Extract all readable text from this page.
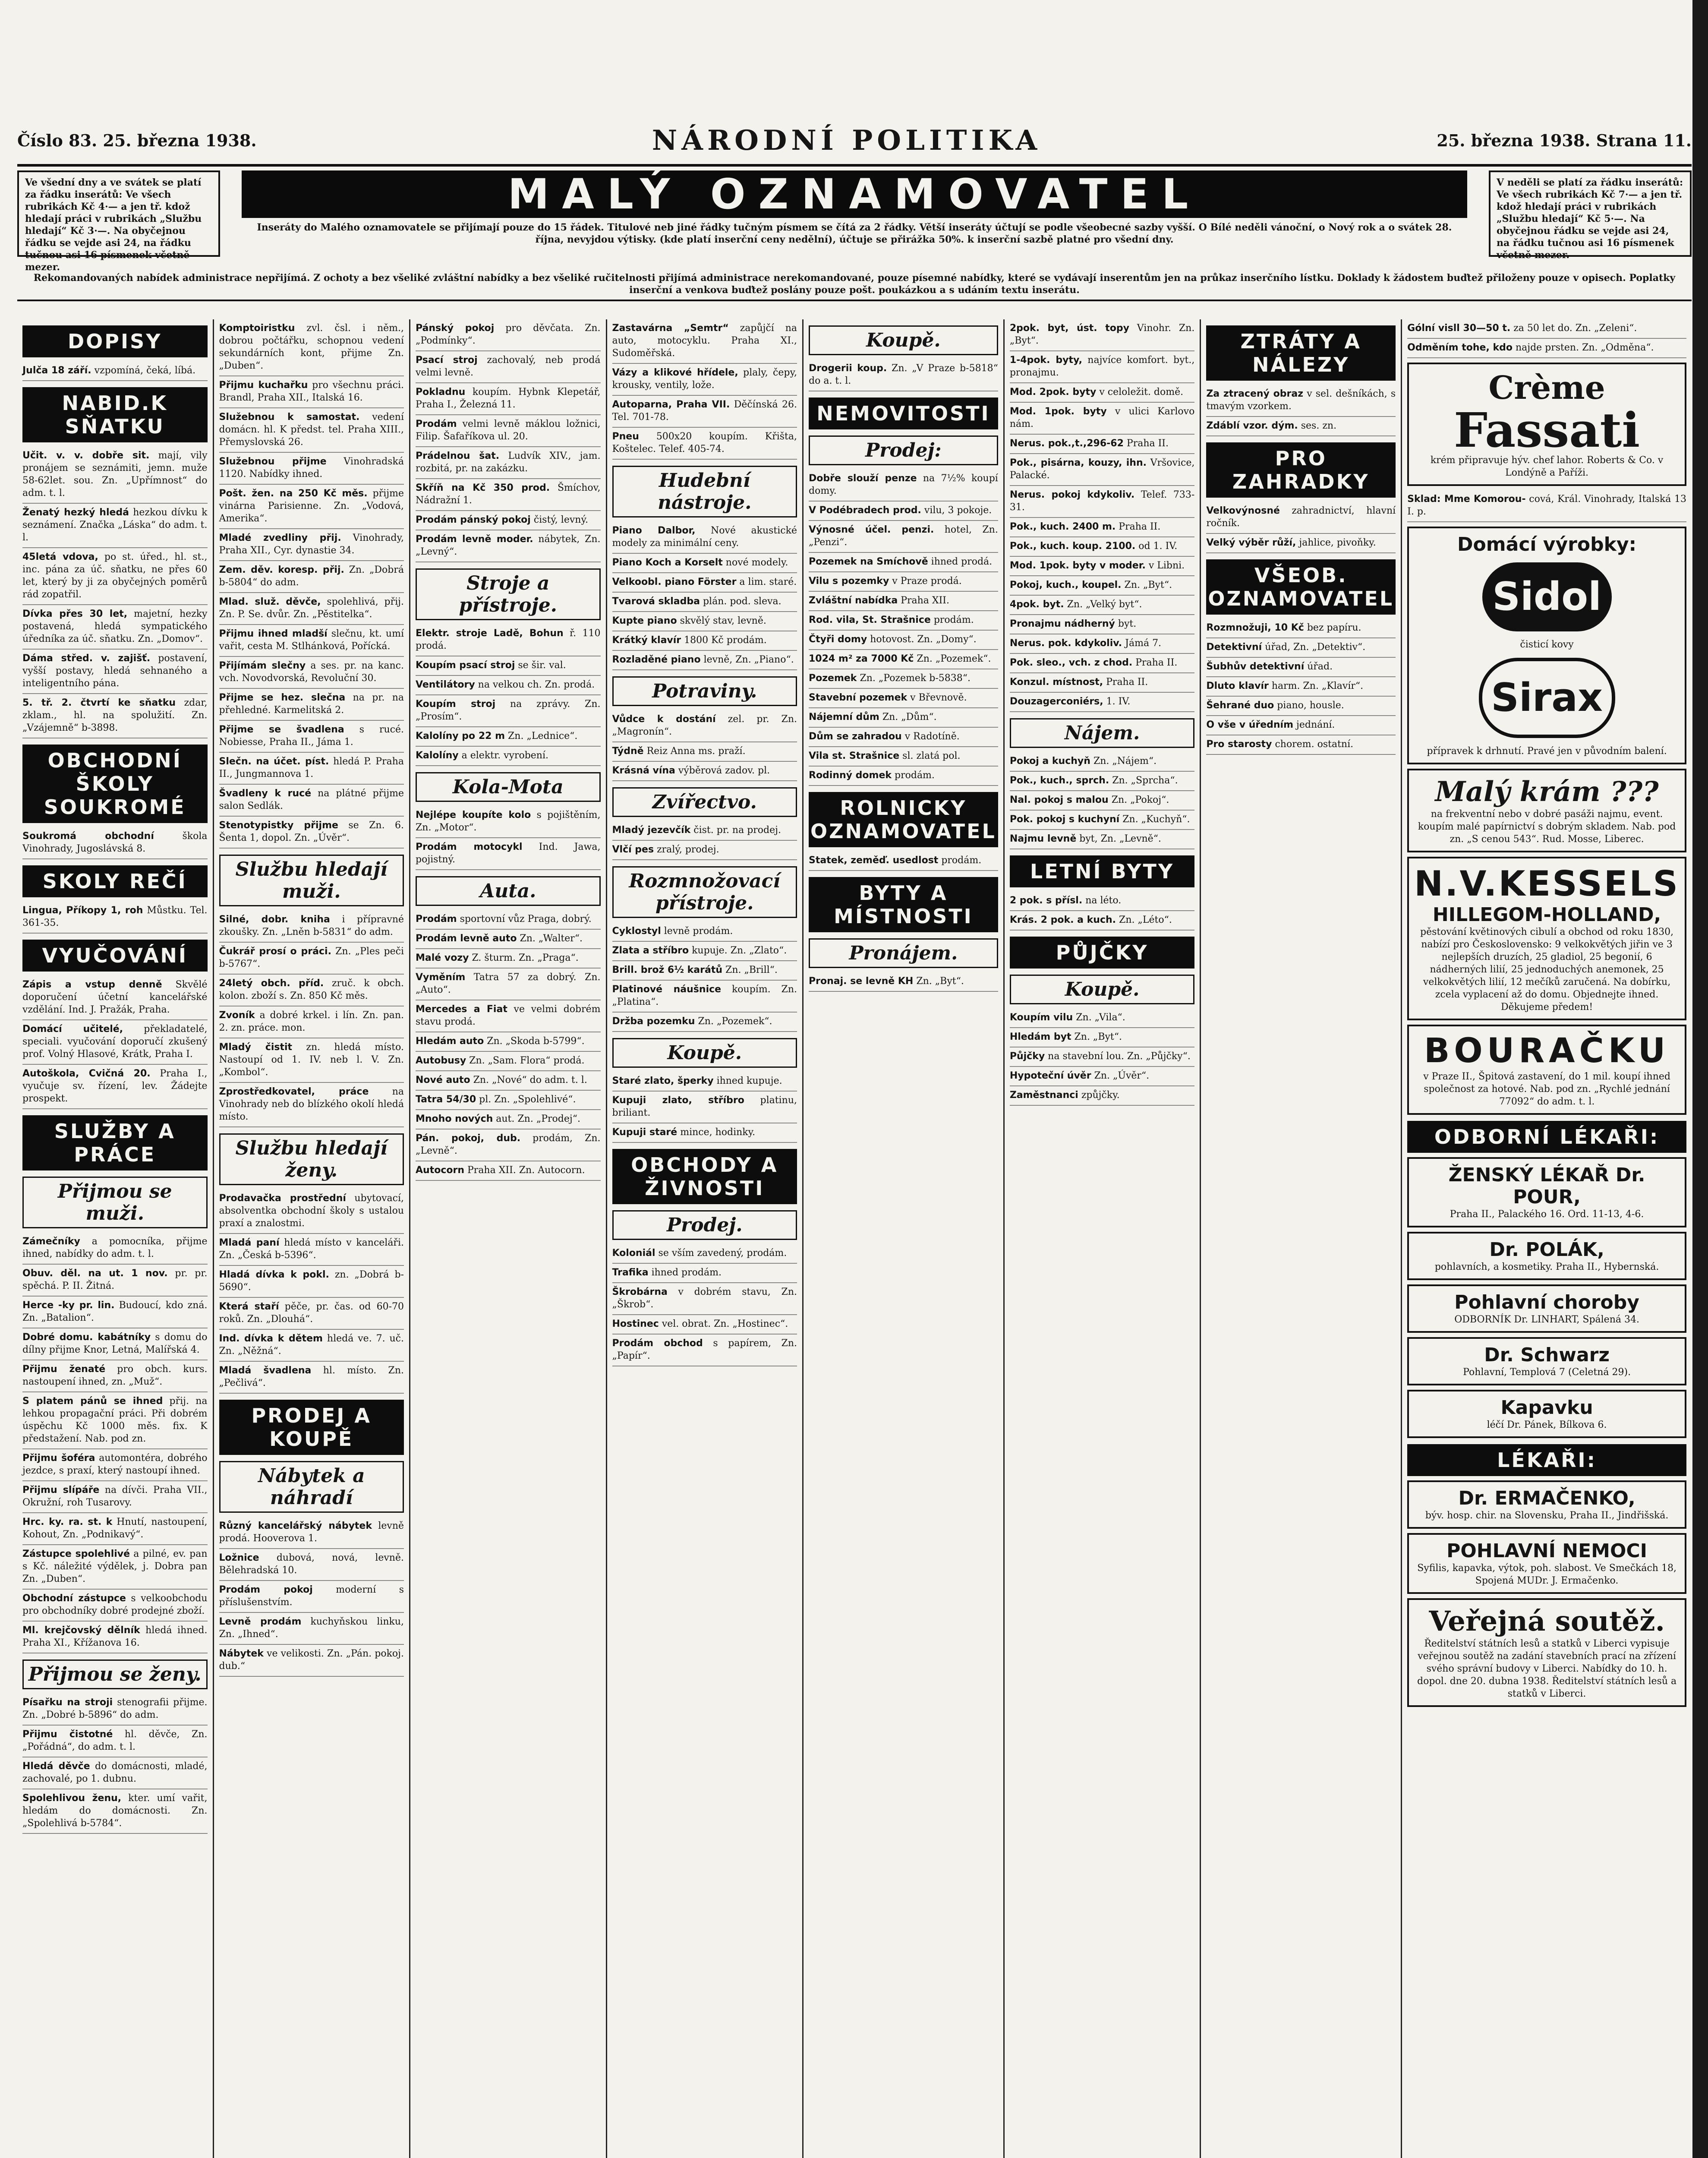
Číslo 83. 25. března 1938.	NÁRODNÍ POLITIKA	25. března 1938. Strana 11.
Ve všední dny a ve svátek se platí za řádku inserátů: Ve všech rubrikách Kč 4·— a jen tř. kdož hledají práci v rubrikách „Službu hledají“ Kč 3·—. Na obyčejnou řádku se vejde asi 24, na řádku tučnou asi 16 písmenek včetně mezer.
MALÝ OZNAMOVATEL
Inseráty do Malého oznamovatele se přijímají pouze do 15 řádek. Titulové neb jiné řádky tučným písmem se čítá za 2 řádky. Větší inseráty účtují se podle všeobecné sazby vyšší. O Bílé neděli vánoční, o Nový rok a o svátek 28. října, nevyjdou výtisky. (kde platí inserční ceny nedělní), účtuje se přirážka 50%. k inserční sazbě platné pro všední dny.
V neděli se platí za řádku inserátů: Ve všech rubrikách Kč 7·— a jen tř. kdož hledají práci v rubrikách „Službu hledají“ Kč 5·—. Na obyčejnou řádku se vejde asi 24, na řádku tučnou asi 16 písmenek včetně mezer.
Rekomandovaných nabídek administrace nepřijímá. Z ochoty a bez všeliké zvláštní nabídky a bez všeliké ručitelnosti přijímá administrace nerekomandované, pouze písemné nabídky, které se vydávají inserentům jen na průkaz inserčního lístku. Doklady k žádostem buďtež přiloženy pouze v opisech. Poplatky inserční a venkova buďtež poslány pouze pošt. poukázkou a s udáním textu inserátu.
DOPISY
Julča 18 září. vzpomíná, čeká, líbá.
NABID.K SŇATKU
Učit. v. v. dobře sit. mají, vily pronájem se seznámiti, jemn. muže 58-62let. sou. Zn. „Upřímnost“ do adm. t. l.
Ženatý hezký hledá hezkou dívku k seznámení. Značka „Láska“ do adm. t. l.
45letá vdova, po st. úřed., hl. st., inc. pána za úč. sňatku, ne přes 60 let, který by ji za obyčejných poměrů rád zopatřil.
Dívka přes 30 let, majetní, hezky postavená, hledá sympatického úředníka za úč. sňatku. Zn. „Domov“.
Dáma střed. v. zajišť. postavení, vyšší postavy, hledá sehnaného a inteligentního pána.
5. tř. 2. čtvrtí ke sňatku zdar, zklam., hl. na spolužití. Zn. „Vzájemně“ b-3898.
OBCHODNÍ ŠKOLY SOUKROMÉ
Soukromá obchodní	škola Vinohrady, Jugoslávská 8.
SKOLY REČÍ
Lingua, Příkopy 1, roh Můstku. Tel. 361-35.
VYUČOVÁNÍ
Zápis a vstup denně Skvělé doporučení účetní kancelářské vzdělání. Ind. J. Pražák, Praha.
Domácí učitelé, překladatelé, speciali. vyučování doporučí zkušený prof. Volný Hlasové, Krátk, Praha I.
Autoškola, Cvičná 20. Praha I., vyučuje sv. řízení, lev. Žádejte prospekt.
SLUŽBY A PRÁCE
Přijmou se muži.
Zámečníky a pomocníka, přijme ihned, nabídky do adm. t. l.
Obuv. děl. na ut. 1 nov. pr. pr. spěchá. P. II. Žitná.
Herce -ky pr. lin. Budoucí, kdo zná. Zn. „Batalion“.
Dobré domu. kabátníky s domu do dílny přijme Knor, Letná, Malířská 4.
Přijmu ženaté pro obch. kurs. nastoupení ihned, zn. „Muž“.
S platem pánů se ihned přij. na lehkou propagační práci. Při dobrém úspěchu Kč 1000 měs. fix. K předstažení. Nab. pod zn.
Přijmu šoféra automontéra, dobrého jezdce, s praxí, který nastoupí ihned.
Přijmu slípáře na dívči. Praha VII., Okružní, roh Tusarovy.
Hrc. ky. ra. st. k Hnutí, nastoupení, Kohout, Zn. „Podnikavý“.
Zástupce spolehlivé a pilné, ev. pan s Kč. náležité výdělek, j. Dobra pan Zn. „Duben“.
Obchodní zástupce s velkoobchodu pro obchodníky dobré prodejné zboží.
Ml. krejčovský dělník hledá ihned. Praha XI., Křížanova 16.
Přijmou se ženy.
Písařku na stroji stenografii přijme. Zn. „Dobré b-5896“ do adm.
Přijmu čistotné hl. děvče, Zn. „Pořádná“, do adm. t. l.
Hledá děvče do domácnosti, mladé, zachovalé, po 1. dubnu.
Spolehlivou ženu, kter. umí vařit, hledám do domácnosti. Zn. „Spolehlivá b-5784“.
Komptoiristku zvl. čsl. i něm., dobrou počtářku, schopnou vedení sekundárních kont, přijme Zn. „Duben“.
Přijmu kuchařku pro všechnu práci. Brandl, Praha XII., Italská 16.
Služebnou k samostat. vedení domácn. hl. K předst. tel. Praha XIII., Přemyslovská 26.
Služebnou přijme Vinohradská 1120. Nabídky ihned.
Pošt. žen. na 250 Kč měs. přijme vinárna Parisienne. Zn. „Vodová, Amerika“.
Mladé zvedliny přij. Vinohrady, Praha XII., Cyr. dynastie 34.
Zem. děv. koresp. přij. Zn. „Dobrá b-5804“ do adm.
Mlad. služ. děvče, spolehlivá, přij. Zn. P. Se. dvůr. Zn. „Pěstitelka“.
Přijmu ihned mladší slečnu, kt. umí vařit, cesta M. Stlhánková, Pořícká.
Přijímám slečny a ses. pr. na kanc. vch. Novodvorská, Revoluční 30.
Přijme se hez. slečna na pr. na přehledné. Karmelitská 2.
Přijme se švadlena s rucé. Nobiesse, Praha II., Jáma 1.
Slečn. na účet. píst. hledá P. Praha II., Jungmannova 1.
Švadleny k rucé na plátné přijme salon Sedlák.
Stenotypistky přijme se Zn. 6. Šenta 1, dopol. Zn. „Úvěr“.
Službu hledají muži.
Silné, dobr. kniha i přípravné zkoušky. Zn. „Lněn b-5831“ do adm.
Čukrář prosí o práci. Zn. „Ples peči b-5767“.
24letý obch. příd. zruč. k obch. kolon. zboží s. Zn. 850 Kč měs.
Zvoník a dobré krkel. i lín. Zn. pan. 2. zn. práce. mon.
Mladý čistit zn. hledá místo. Nastoupí od 1. IV. neb l. V. Zn. „Kombol“.
Zprostředkovatel, práce na Vinohrady neb do blízkého okolí hledá místo.
Službu hledají ženy.
Prodavačka prostřední ubytovací, absolventka obchodní školy s ustalou praxí a znalostmi.
Mladá paní hledá místo v kanceláři. Zn. „Česká b-5396“.
Hladá dívka k pokl. zn. „Dobrá b-5690“.
Která staří pěče, pr. čas. od 60-70 roků. Zn. „Dlouhá“.
Ind. dívka k dětem hledá ve. 7. uč. Zn. „Něžná“.
Mladá švadlena hl. místo. Zn. „Pečlivá“.
PRODEJ A KOUPĚ
Nábytek a náhradí
Různý kancelářský nábytek levně prodá. Hooverova 1.
Ložnice dubová, nová, levně. Bělehradská 10.
Prodám pokoj moderní s příslušenstvím.
Levně prodám kuchyňskou linku, Zn. „Ihned“.
Nábytek ve velikosti. Zn. „Pán. pokoj. dub.“
Pánský pokoj pro děvčata. Zn. „Podmínky“.
Psací stroj zachovalý, neb prodá velmi levně.
Pokladnu koupím. Hybnk Klepetář, Praha I., Železná 11.
Prodám velmi levně máklou ložnici, Filip. Šafaříkova ul. 20.
Prádelnou šat. Ludvík XIV., jam. rozbitá, pr. na zakázku.
Skříň na Kč 350 prod. Šmíchov, Nádražní 1.
Prodám pánský pokoj čistý, levný.
Prodám levně moder. nábytek, Zn. „Levný“.
Stroje a přístroje.
Elektr. stroje Ladě, Bohun ř. 110 prodá.
Koupím psací stroj se šir. val.
Ventilátory na velkou ch. Zn. prodá.
Koupím stroj na zprávy. Zn. „Prosím“.
Kalolíny po 22 m Zn. „Lednice“.
Kalolíny a elektr. vyrobení.
Kola-Mota
Nejlépe koupíte kolo s pojištěním, Zn. „Motor“.
Prodám motocykl Ind. Jawa, pojistný.
Auta.
Prodám sportovní vůz Praga, dobrý.
Prodám levně auto Zn. „Walter“.
Malé vozy Z. šturm. Zn. „Praga“.
Vyměním Tatra 57 za dobrý. Zn. „Auto“.
Mercedes a Fiat ve velmi dobrém stavu prodá.
Hledám auto Zn. „Skoda b-5799“.
Autobusy Zn. „Sam. Flora“ prodá.
Nové auto Zn. „Nové“ do adm. t. l.
Tatra 54/30 pl. Zn. „Spolehlivé“.
Mnoho nových aut. Zn. „Prodej“.
Pán. pokoj, dub. prodám, Zn. „Levně“.
Autocorn Praha XII. Zn. Autocorn.
Zastavárna „Semtr“ zapůjčí na auto, motocyklu. Praha XI., Sudoměřská.
Vázy a klikové hřídele, plaly, čepy, krousky, ventily, lože.
Autoparna, Praha VII. Děčínská 26. Tel. 701-78.
Pneu 500x20 koupím. Křišta, Koštelec. Telef. 405-74.
Hudební nástroje.
Piano Dalbor, Nové akustické modely za minimální ceny.
Piano Koch a Korselt nové modely.
Velkoobl. piano Förster a lim. staré.
Tvarová skladba plán. pod. sleva.
Kupte piano skvělý stav, levně.
Krátký klavír 1800 Kč prodám.
Rozladěné piano levně, Zn. „Piano“.
Potraviny.
Vůdce k dostání zel. pr. Zn. „Magronín“.
Týdně Reiz Anna ms. praží.
Krásná vína výběrová zadov. pl.
Zvířectvo.
Mladý jezevčík čist. pr. na prodej.
Vlčí pes zralý, prodej.
Rozmnožovací přístroje.
Cyklostyl levně prodám.
Zlata a stříbro kupuje. Zn. „Zlato“.
Brill. brož 6½ karátů Zn. „Brill“.
Platinové náušnice koupím. Zn. „Platina“.
Držba pozemku Zn. „Pozemek“.
Koupě.
Staré zlato, šperky ihned kupuje.
Kupuji zlato, stříbro platinu, briliant.
Kupuji staré mince, hodinky.
OBCHODY A ŽIVNOSTI
Prodej.
Koloniál se vším zavedený, prodám.
Trafika ihned prodám.
Škrobárna v dobrém stavu, Zn. „Škrob“.
Hostinec vel. obrat. Zn. „Hostinec“.
Prodám obchod s papírem, Zn. „Papír“.
Koupě.
Drogerii koup. Zn. „V Praze b-5818“ do a. t. l.
NEMOVITOSTI
Prodej:
Dobře slouží penze na 7½% koupí domy.
V Podébradech prod. vilu, 3 pokoje.
Výnosné účel. penzi. hotel, Zn. „Penzi“.
Pozemek na Smíchově ihned prodá.
Vilu s pozemky v Praze prodá.
Zvláštní nabídka Praha XII.
Rod. vila, St. Strašnice prodám.
Čtyři domy hotovost. Zn. „Domy“.
1024 m² za 7000 Kč Zn. „Pozemek“.
Pozemek Zn. „Pozemek b-5838“.
Stavební pozemek v Břevnově.
Nájemní dům Zn. „Dům“.
Dům se zahradou v Radotíně.
Vila st. Strašnice sl. zlatá pol.
Rodinný domek prodám.
ROLNICKY OZNAMOVATEL
Statek, zeměď. usedlost prodám.
BYTY A MÍSTNOSTI
Pronájem.
Pronaj. se levně KH Zn. „Byt“.
2pok. byt, úst. topy Vinohr. Zn. „Byt“.
1-4pok. byty, najvíce komfort. byt., pronajmu.
Mod. 2pok. byty v celoležit. domě.
Mod. 1pok. byty v ulici Karlovo nám.
Nerus. pok.,t.,296-62 Praha II.
Pok., pisárna, kouzy, ihn. Vršovice, Palacké.
Nerus. pokoj kdykoliv. Telef. 733-31.
Pok., kuch. 2400 m. Praha II.
Pok., kuch. koup. 2100. od 1. IV.
Mod. 1pok. byty v moder. v Libni.
Pokoj, kuch., koupel. Zn. „Byt“.
4pok. byt. Zn. „Velký byt“.
Pronajmu nádherný byt.
Nerus. pok. kdykoliv. Jámá 7.
Pok. sleo., vch. z chod. Praha II.
Konzul. místnost, Praha II.
Douzagerconiérs, 1. IV.
Nájem.
Pokoj a kuchyň Zn. „Nájem“.
Pok., kuch., sprch. Zn. „Sprcha“.
Nal. pokoj s malou Zn. „Pokoj“.
Pok. pokoj s kuchyní Zn. „Kuchyň“.
Najmu levně byt, Zn. „Levně“.
LETNÍ BYTY
2 pok. s přísl. na léto.
Krás. 2 pok. a kuch. Zn. „Léto“.
PŮJČKY
Koupě.
Koupím vilu Zn. „Vila“.
Hledám byt Zn. „Byt“.
Půjčky na stavební lou. Zn. „Půjčky“.
Hypoteční úvěr Zn. „Úvěr“.
Zaměstnanci způjčky.
ZTRÁTY A NÁLEZY
Za ztracený obraz v sel. dešníkách, s tmavým vzorkem.
Zdáblí vzor. dým. ses. zn.
PRO ZAHRADKY
Velkovýnosné zahradnictví, hlavní ročník.
Velký výběr růží, jahlice, pivoňky.
VŠEOB. OZNAMOVATEL
Rozmnožuji, 10 Kč bez papíru.
Detektivní úřad, Zn. „Detektiv“.
Šubhův detektivní úřad.
Dluto klavír harm. Zn. „Klavír“.
Šehrané duo piano, housle.
O vše v úředním jednání.
Pro starosty chorem. ostatní.
Gólní visll 30—50 t. za 50 let do. Zn. „Zeleni“.
Odměním tohe, kdo najde prsten. Zn. „Odměna“.
Crème
Fassati
krém připravuje hýv. chef lahor. Roberts & Co. v Londýně a Paříži.
Sklad: Mme Komorou- cová, Král. Vinohrady, Italská 13 I. p.
Domácí výrobky:
Sidol
čisticí kovy
Sirax
přípravek k drhnutí. Pravé jen v původním balení.
Malý krám ???
na frekventní nebo v dobré pasáži najmu, event. koupím malé papírnictví s dobrým skladem. Nab. pod zn. „S cenou 543“. Rud. Mosse, Liberec.
N.V.KESSELS
HILLEGOM-HOLLAND,
pěstování květinových cibulí a obchod od roku 1830, nabízí pro Československo: 9 velkokvětých jiřin ve 3 nejlepších druzích, 25 gladiol, 25 begonií, 6 nádherných lilií, 25 jednoduchých anemonek, 25 velkokvětých lilií, 12 mečíků zaručená. Na dobírku, zcela vyplacení až do domu. Objednejte ihned. Děkujeme předem!
BOURAČKU
v Praze II., Špitová zastavení, do 1 mil. koupí ihned společnost za hotové. Nab. pod zn. „Rychlé jednání 77092“ do adm. t. l.
ODBORNÍ LÉKAŘI:
ŽENSKÝ LÉKAŘ Dr. POUR,
Praha II., Palackého 16. Ord. 11-13, 4-6.
Dr. POLÁK,
pohlavních, a kosmetiky. Praha II., Hybernská.
Pohlavní choroby
ODBORNÍK Dr. LINHART, Spálená 34.
Dr. Schwarz
Pohlavní, Templová 7 (Celetná 29).
Kapavku
léčí Dr. Pánek, Bílkova 6.
LÉKAŘI:
Dr. ERMAČENKO,
býv. hosp. chir. na Slovensku, Praha II., Jindřišská.
POHLAVNÍ NEMOCI
Syfilis, kapavka, výtok, poh. slabost. Ve Smečkách 18, Spojená MUDr. J. Ermačenko.
Veřejná soutěž.
Ředitelství státních lesů a statků v Liberci vypisuje veřejnou soutěž na zadání stavebních prací na zřízení svého správní budovy v Liberci. Nabídky do 10. h. dopol. dne 20. dubna 1938. Ředitelství státních lesů a statků v Liberci.
